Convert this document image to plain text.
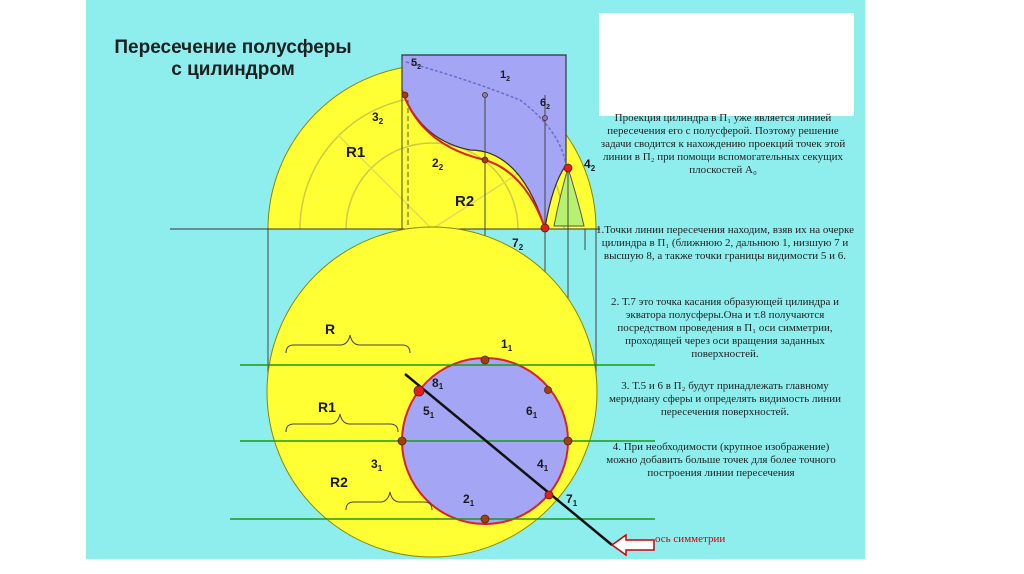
R1
R2
R
R1
R2
$5_2$
$1_2$
$6_2$
$3_2$
$2_2$	$4_2$
$7_2$
$1_1$
81
$5_1$	$6_1$
$3_1$	$4_1$
$2_1$	$7_1$
Пересечение полусферы
с цилиндром
Проекция цилиндра в П₁ уже является линией пересечения его с полусферой. Поэтому решение задачи сводится к нахождению проекций точек этой линии в П₂ при помощи вспомогательных секущих плоскостей А₀
1.Точки линии пересечения находим, взяв их на очерке цилиндра в П₁ (ближнюю 2, дальнюю 1, низшую 7 и высшую 8, а также точки границы видимости 5 и 6.
2. Т.7 это точка касания образующей цилиндра и экватора полусферы.Она и т.8 получаются посредством проведения в П₁ оси симметрии, проходящей через оси вращения заданных поверхностей.
3. Т.5 и 6 в П₂ будут принадлежать главному меридиану сферы и определять видимость линии пересечения поверхностей.
4. При необходимости (крупное изображение) можно добавить больше точек для более точного построения линии пересечения
ось симметрии
